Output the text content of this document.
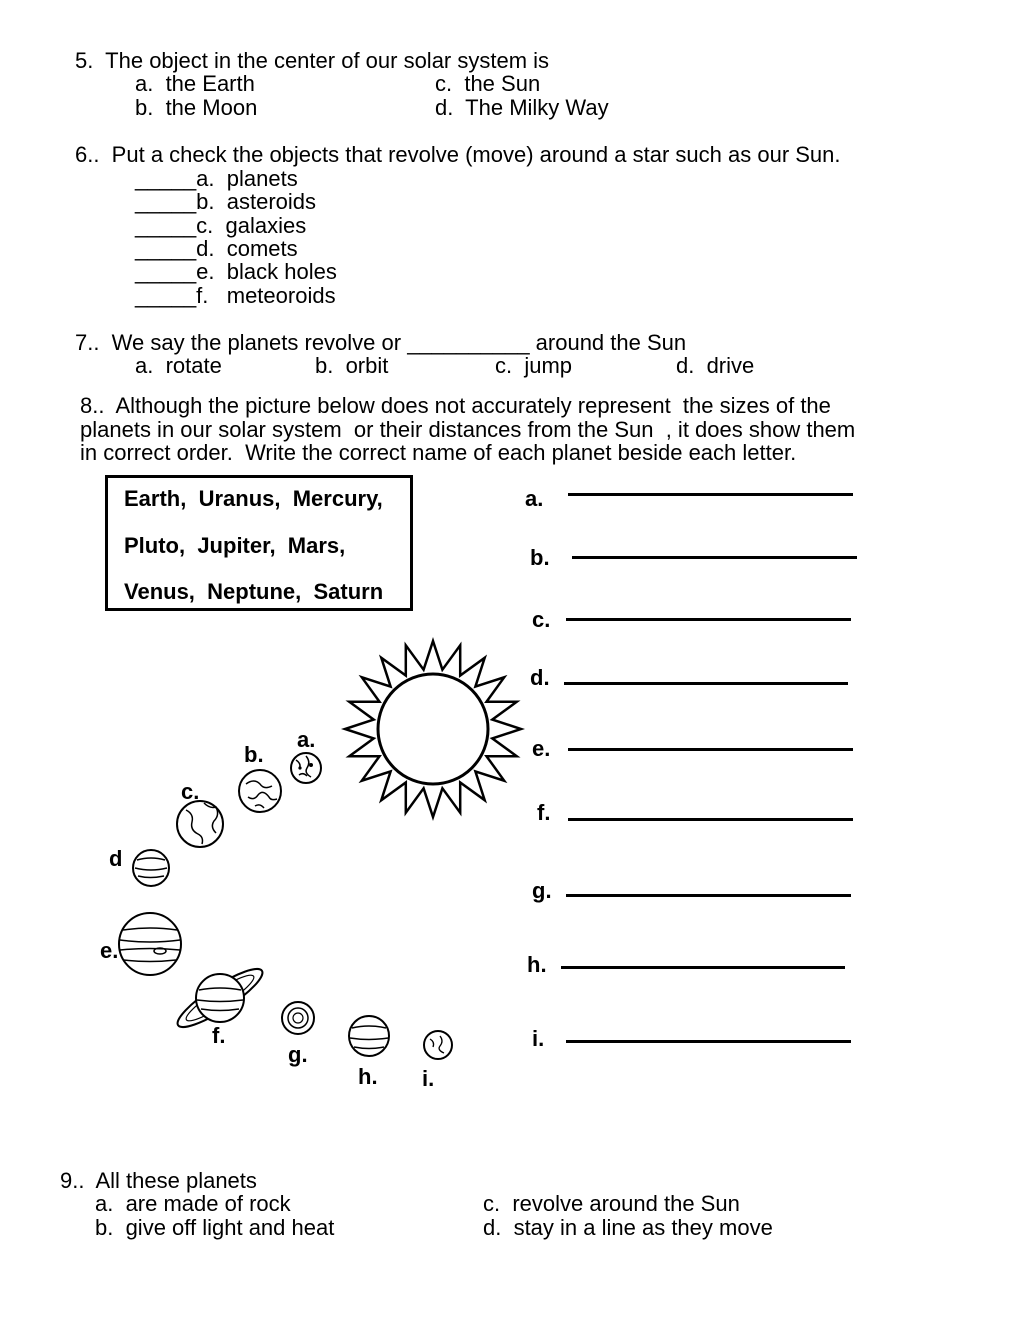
5.  The object in the center of our solar system is
a.  the Earth
b.  the Moon
c.  the Sun
d.  The Milky Way
6..  Put a check the objects that revolve (move) around a star such as our Sun.
_____a.  planets
_____b.  asteroids
_____c.  galaxies
_____d.  comets
_____e.  black holes
_____f.   meteoroids
7..  We say the planets revolve or __________ around the Sun
a.  rotate	b.  orbit	c.  jump	d.  drive
8..  Although the picture below does not accurately represent  the sizes of the
planets in our solar system  or their distances from the Sun  , it does show them
in correct order.  Write the correct name of each planet beside each letter.
Earth,  Uranus,  Mercury,
Pluto,  Jupiter,  Mars,
Venus,  Neptune,  Saturn
a.
b.
c.
d.
e.
f.
g.
h.
i.
a.
b.
c.
d
e.
f.
g.
h. i.
9..  All these planets
a.  are made of rock
b.  give off light and heat
c.  revolve around the Sun
d.  stay in a line as they move
